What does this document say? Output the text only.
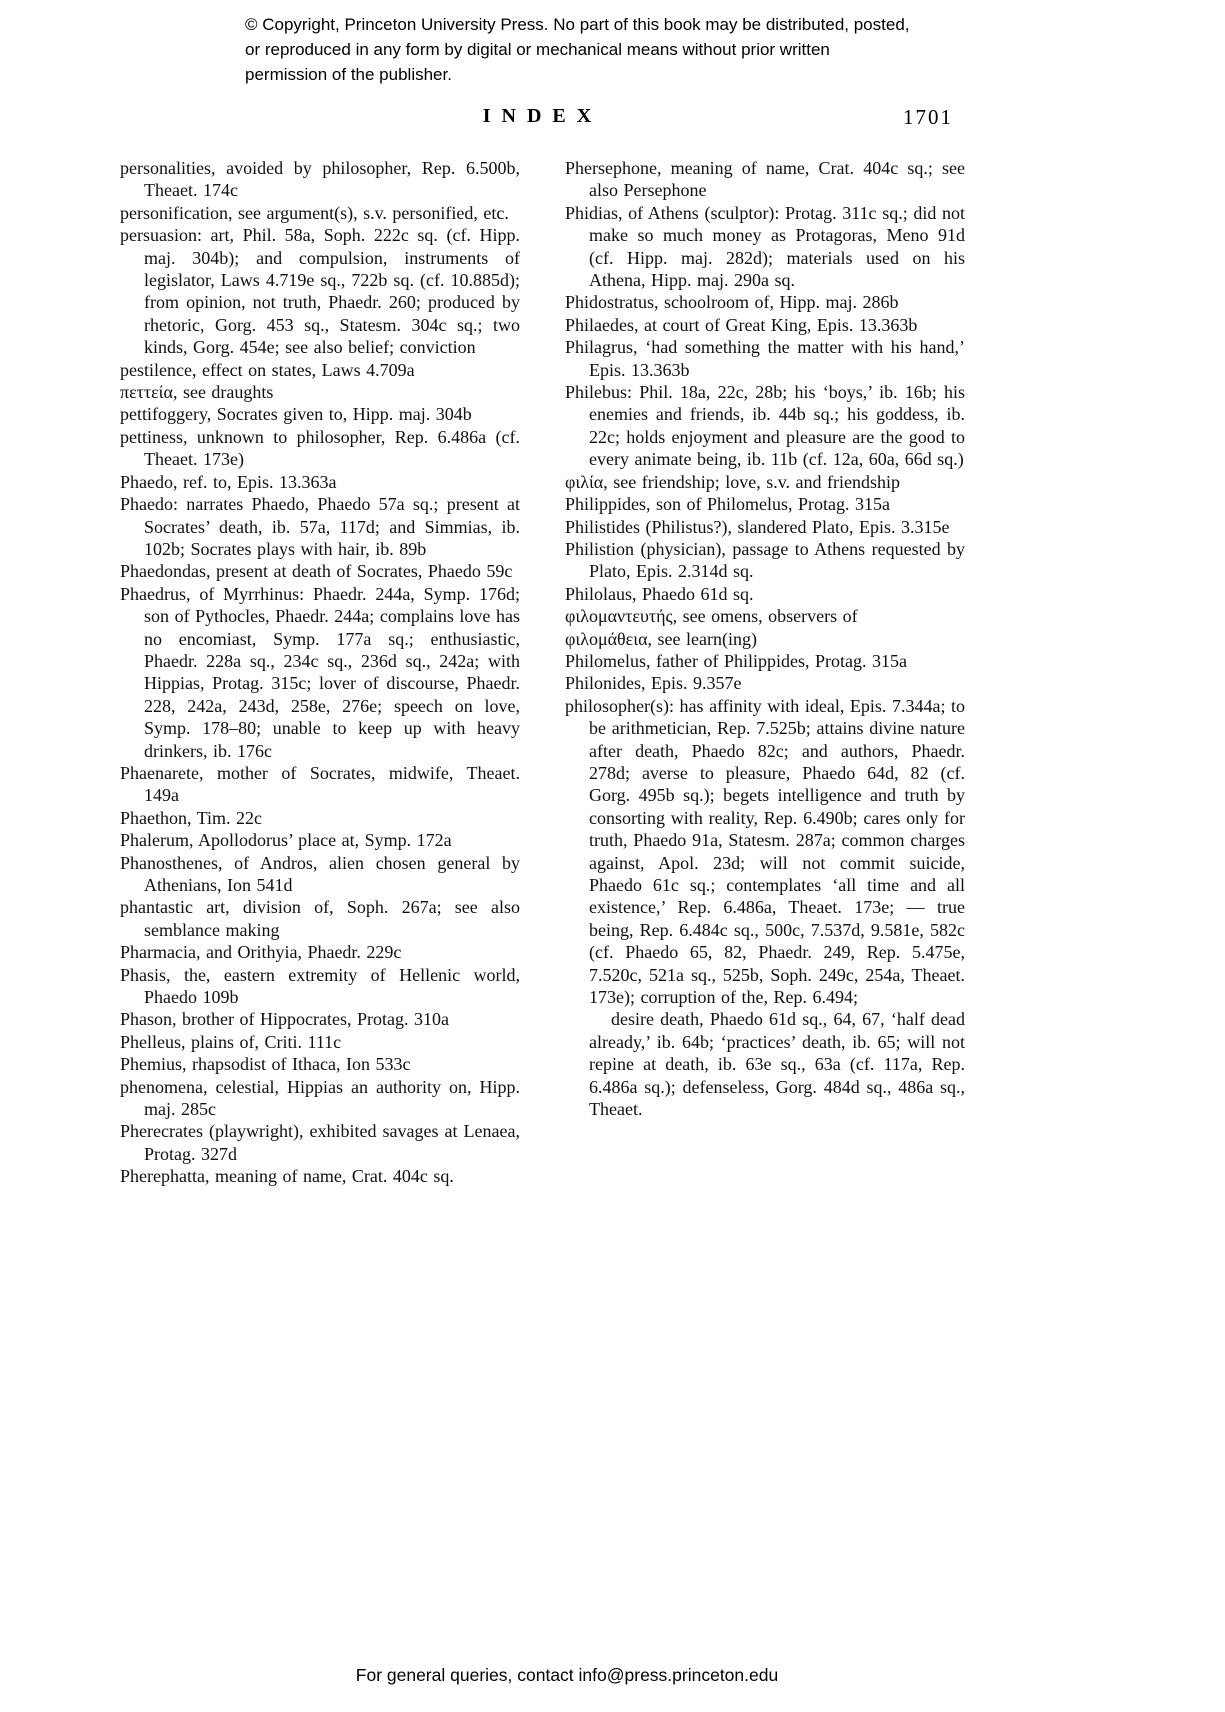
© Copyright, Princeton University Press. No part of this book may be distributed, posted, or reproduced in any form by digital or mechanical means without prior written permission of the publisher.
INDEX	1701

personalities, avoided by philosopher, Rep. 6.500b, Theaet. 174c

personification, see argument(s), s.v. personified, etc.

persuasion: art, Phil. 58a, Soph. 222c sq. (cf. Hipp. maj. 304b); and compulsion, instruments of legislator, Laws 4.719e sq., 722b sq. (cf. 10.885d); from opinion, not truth, Phaedr. 260; produced by rhetoric, Gorg. 453 sq., Statesm. 304c sq.; two kinds, Gorg. 454e; see also belief; conviction

pestilence, effect on states, Laws 4.709a

πεττεία, see draughts

pettifoggery, Socrates given to, Hipp. maj. 304b

pettiness, unknown to philosopher, Rep. 6.486a (cf. Theaet. 173e)

Phaedo, ref. to, Epis. 13.363a

Phaedo: narrates Phaedo, Phaedo 57a sq.; present at Socrates’ death, ib. 57a, 117d; and Simmias, ib. 102b; Socrates plays with hair, ib. 89b

Phaedondas, present at death of Socrates, Phaedo 59c

Phaedrus, of Myrrhinus: Phaedr. 244a, Symp. 176d; son of Pythocles, Phaedr. 244a; complains love has no encomiast, Symp. 177a sq.; enthusiastic, Phaedr. 228a sq., 234c sq., 236d sq., 242a; with Hippias, Protag. 315c; lover of discourse, Phaedr. 228, 242a, 243d, 258e, 276e; speech on love, Symp. 178–80; unable to keep up with heavy drinkers, ib. 176c

Phaenarete, mother of Socrates, midwife, Theaet. 149a

Phaethon, Tim. 22c

Phalerum, Apollodorus’ place at, Symp. 172a

Phanosthenes, of Andros, alien chosen general by Athenians, Ion 541d

phantastic art, division of, Soph. 267a; see also semblance making

Pharmacia, and Orithyia, Phaedr. 229c

Phasis, the, eastern extremity of Hellenic world, Phaedo 109b

Phason, brother of Hippocrates, Protag. 310a

Phelleus, plains of, Criti. 111c

Phemius, rhapsodist of Ithaca, Ion 533c

phenomena, celestial, Hippias an authority on, Hipp. maj. 285c

Pherecrates (playwright), exhibited savages at Lenaea, Protag. 327d

Pherephatta, meaning of name, Crat. 404c sq.

Phersephone, meaning of name, Crat. 404c sq.; see also Persephone

Phidias, of Athens (sculptor): Protag. 311c sq.; did not make so much money as Protagoras, Meno 91d (cf. Hipp. maj. 282d); materials used on his Athena, Hipp. maj. 290a sq.

Phidostratus, schoolroom of, Hipp. maj. 286b

Philaedes, at court of Great King, Epis. 13.363b

Philagrus, ‘had something the matter with his hand,’ Epis. 13.363b

Philebus: Phil. 18a, 22c, 28b; his ‘boys,’ ib. 16b; his enemies and friends, ib. 44b sq.; his goddess, ib. 22c; holds enjoyment and pleasure are the good to every animate being, ib. 11b (cf. 12a, 60a, 66d sq.)

φιλία, see friendship; love, s.v. and friendship

Philippides, son of Philomelus, Protag. 315a

Philistides (Philistus?), slandered Plato, Epis. 3.315e

Philistion (physician), passage to Athens requested by Plato, Epis. 2.314d sq.

Philolaus, Phaedo 61d sq.

φιλομαντευτής, see omens, observers of

φιλομάθεια, see learn(ing)

Philomelus, father of Philippides, Protag. 315a

Philonides, Epis. 9.357e

philosopher(s): has affinity with ideal, Epis. 7.344a; to be arithmetician, Rep. 7.525b; attains divine nature after death, Phaedo 82c; and authors, Phaedr. 278d; averse to pleasure, Phaedo 64d, 82 (cf. Gorg. 495b sq.); begets intelligence and truth by consorting with reality, Rep. 6.490b; cares only for truth, Phaedo 91a, Statesm. 287a; common charges against, Apol. 23d; will not commit suicide, Phaedo 61c sq.; contemplates ‘all time and all existence,’ Rep. 6.486a, Theaet. 173e; — true being, Rep. 6.484c sq., 500c, 7.537d, 9.581e, 582c (cf. Phaedo 65, 82, Phaedr. 249, Rep. 5.475e, 7.520c, 521a sq., 525b, Soph. 249c, 254a, Theaet. 173e); corruption of the, Rep. 6.494;

desire death, Phaedo 61d sq., 64, 67, ‘half dead already,’ ib. 64b; ‘practices’ death, ib. 65; will not repine at death, ib. 63e sq., 63a (cf. 117a, Rep. 6.486a sq.); defenseless, Gorg. 484d sq., 486a sq., Theaet.

For general queries, contact info@press.princeton.edu
